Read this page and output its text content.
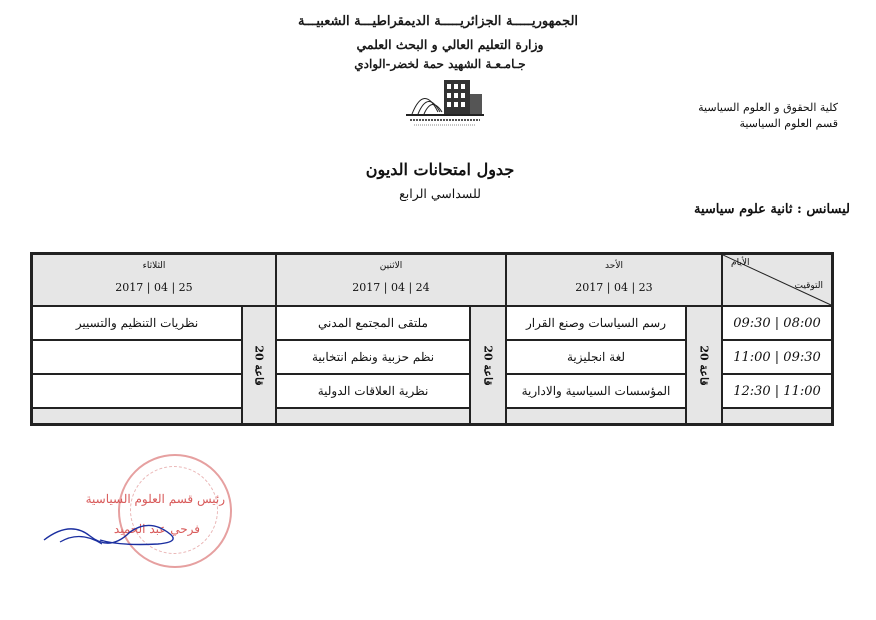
الجمهوريـــــة الجزائريـــــة الديمقراطيـــة الشعبيـــة
وزارة التعليم العالي و البحث العلمي
جـامـعـة الشهيد حمة لخضر-الوادي
كلية الحقوق و العلوم السياسية
قسم العلوم السياسية
جدول امتحانات الديون
للسداسي الرابع
ليسانس : ثانية علوم سياسية
الأيام
التوقيت
الأحد
2017 | 04 | 23
الاثنين
2017 | 04 | 24
الثلاثاء
2017 | 04 | 25
09:30 | 08:00
11:00 | 09:30
12:30 | 11:00
قاعة 20
رسم السياسات وصنع القرار
لغة انجليزية
المؤسسات السياسية والادارية
قاعة 20
ملتقى المجتمع المدني
نظم حزبية ونظم انتخابية
نظرية العلاقات الدولية
قاعة 20
نظريات التنظيم والتسيير
رئيس قسم العلوم السياسية
فرحي عبد الحميد
